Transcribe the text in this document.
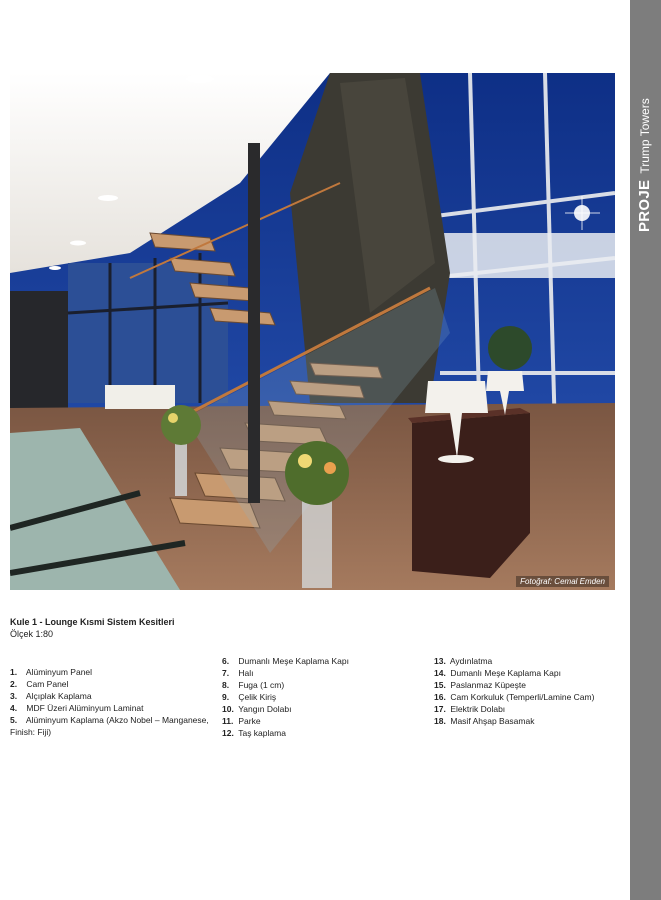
PROJETrump Towers
Fotoğraf: Cemal Emden
Kule 1 - Lounge Kısmi Sistem Kesitleri
Ölçek 1:80
1. Alüminyum Panel
2. Cam Panel
3. Alçıplak Kaplama
4. MDF Üzeri Alüminyum Laminat
5. Alüminyum Kaplama (Akzo Nobel – Manganese, Finish: Fiji)
6. Dumanlı Meşe Kaplama Kapı
7. Halı
8. Fuga (1 cm)
9. Çelik Kiriş
10. Yangın Dolabı
11. Parke
12. Taş kaplama
13. Aydınlatma
14. Dumanlı Meşe Kaplama Kapı
15. Paslanmaz Küpeşte
16. Cam Korkuluk (Temperli/Lamine Cam)
17. Elektrik Dolabı
18. Masif Ahşap Basamak
